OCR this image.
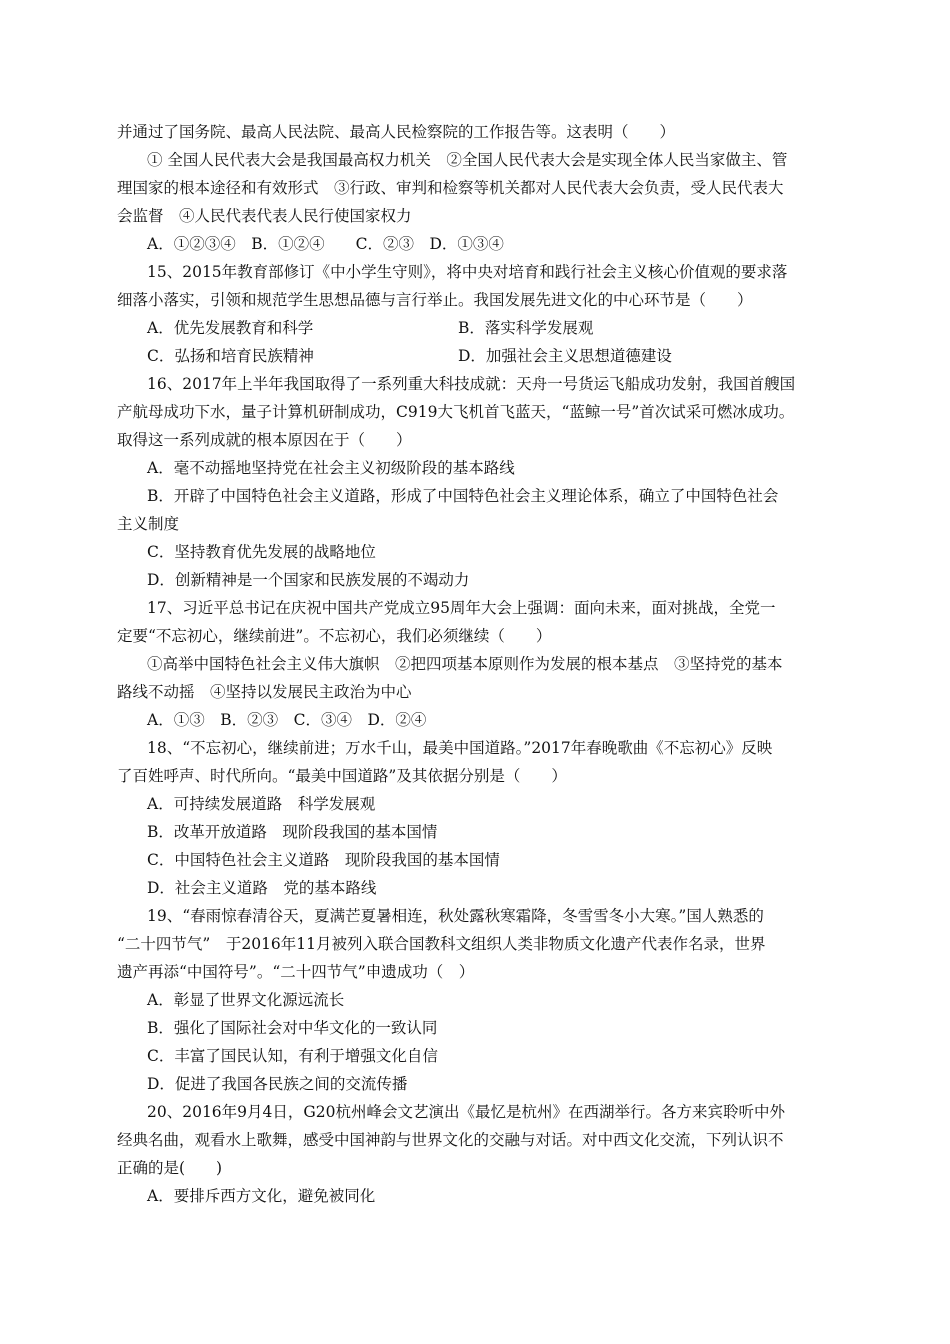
并通过了国务院、最高人民法院、最高人民检察院的工作报告等。这表明（　　）
① 全国人民代表大会是我国最高权力机关　②全国人民代表大会是实现全体人民当家做主、管
理国家的根本途径和有效形式　③行政、审判和检察等机关都对人民代表大会负责，受人民代表大
会监督　④人民代表代表人民行使国家权力
A．①②③④　B．①②④　　C．②③　D．①③④
15、2015年教育部修订《中小学生守则》，将中央对培育和践行社会主义核心价值观的要求落
细落小落实，引领和规范学生思想品德与言行举止。我国发展先进文化的中心环节是（　　）
A．优先发展教育和科学	B．落实科学发展观
C．弘扬和培育民族精神	D．加强社会主义思想道德建设
16、2017年上半年我国取得了一系列重大科技成就：天舟一号货运飞船成功发射，我国首艘国
产航母成功下水，量子计算机研制成功，C919大飞机首飞蓝天，“蓝鲸一号”首次试采可燃冰成功。
取得这一系列成就的根本原因在于（　　）
A．毫不动摇地坚持党在社会主义初级阶段的基本路线
B．开辟了中国特色社会主义道路，形成了中国特色社会主义理论体系，确立了中国特色社会
主义制度
C．坚持教育优先发展的战略地位
D．创新精神是一个国家和民族发展的不竭动力
17、习近平总书记在庆祝中国共产党成立95周年大会上强调：面向未来，面对挑战，全党一
定要“不忘初心，继续前进”。不忘初心，我们必须继续（　　）
①高举中国特色社会主义伟大旗帜　②把四项基本原则作为发展的根本基点　③坚持党的基本
路线不动摇　④坚持以发展民主政治为中心
A．①③　B．②③　C．③④　D．②④
18、“不忘初心，继续前进；万水千山，最美中国道路。”2017年春晚歌曲《不忘初心》反映
了百姓呼声、时代所向。“最美中国道路”及其依据分别是（　　）
A．可持续发展道路　科学发展观
B．改革开放道路　现阶段我国的基本国情
C．中国特色社会主义道路　现阶段我国的基本国情
D．社会主义道路　党的基本路线
19、“春雨惊春清谷天，夏满芒夏暑相连，秋处露秋寒霜降，冬雪雪冬小大寒。”国人熟悉的
“二十四节气”　于2016年11月被列入联合国教科文组织人类非物质文化遗产代表作名录，世界
遗产再添“中国符号”。“二十四节气”申遗成功（　）
A．彰显了世界文化源远流长
B．强化了国际社会对中华文化的一致认同
C．丰富了国民认知，有利于增强文化自信
D．促进了我国各民族之间的交流传播
20、2016年9月4日，G20杭州峰会文艺演出《最忆是杭州》在西湖举行。各方来宾聆听中外
经典名曲，观看水上歌舞，感受中国神韵与世界文化的交融与对话。对中西文化交流，下列认识不
正确的是(　　)
A．要排斥西方文化，避免被同化
